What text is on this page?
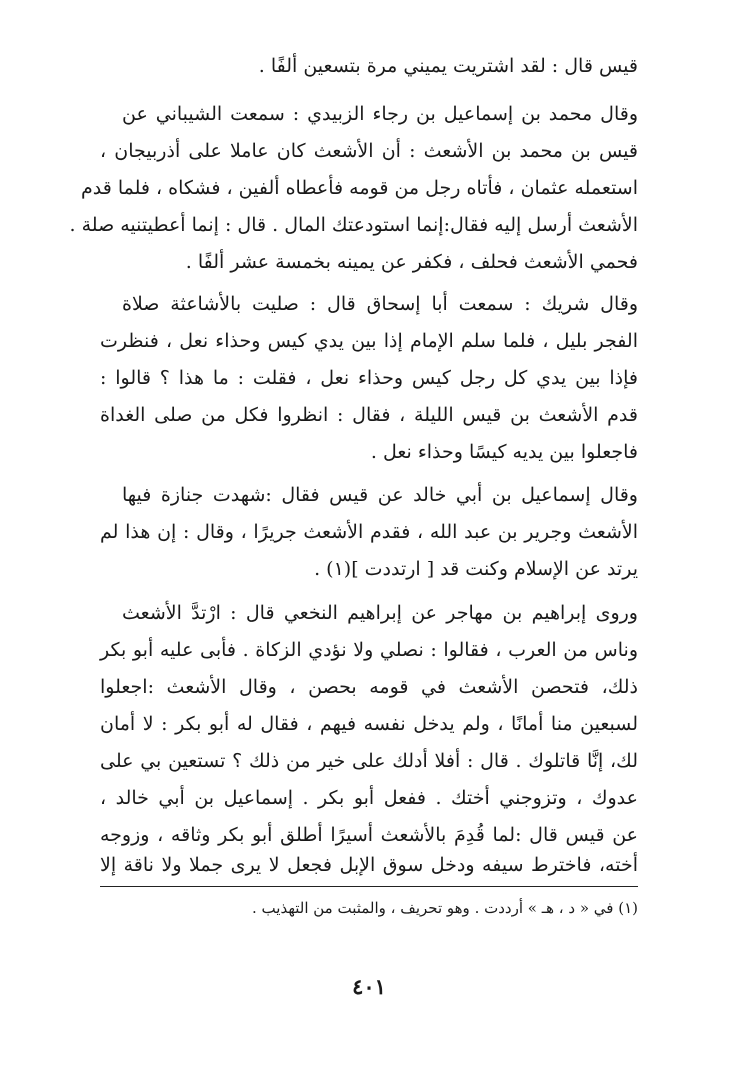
قيس قال : لقد اشتريت يميني مرة بتسعين ألفًا .
وقال محمد بن إسماعيل بن رجاء الزبيدي : سمعت الشيباني عن
قيس بن محمد بن الأشعث : أن الأشعث كان عاملا على أذربيجان ،
استعمله عثمان ، فأتاه رجل من قومه فأعطاه ألفين ، فشكاه ، فلما قدم
الأشعث أرسل إليه فقال:إنما استودعتك المال . قال : إنما أعطيتنيه صلة .
فحمي الأشعث فحلف ، فكفر عن يمينه بخمسة عشر ألفًا .
وقال شريك : سمعت أبا إسحاق قال : صليت بالأشاعثة صلاة
الفجر بليل ، فلما سلم الإمام إذا بين يدي كيس وحذاء نعل ، فنظرت
فإذا بين يدي كل رجل كيس وحذاء نعل ، فقلت : ما هذا ؟ قالوا :
قدم الأشعث بن قيس الليلة ، فقال : انظروا فكل من صلى الغداة
فاجعلوا بين يديه كيسًا وحذاء نعل .
وقال إسماعيل بن أبي خالد عن قيس فقال :شهدت جنازة فيها
الأشعث وجرير بن عبد الله ، فقدم الأشعث جريرًا ، وقال : إن هذا لم
يرتد عن الإسلام وكنت قد [ ارتددت ](١) .
وروى إبراهيم بن مهاجر عن إبراهيم النخعي قال : ارْتدَّ الأشعث
وناس من العرب ، فقالوا : نصلي ولا نؤدي الزكاة . فأبى عليه أبو بكر
ذلك، فتحصن الأشعث في قومه بحصن ، وقال الأشعث :اجعلوا
لسبعين منا أمانًا ، ولم يدخل نفسه فيهم ، فقال له أبو بكر : لا أمان
لك، إنَّا قاتلوك . قال : أفلا أدلك على خير من ذلك ؟ تستعين بي على
عدوك ، وتزوجني أختك . ففعل أبو بكر . إسماعيل بن أبي خالد ،
عن قيس قال :لما قُدِمَ بالأشعث أسيرًا أطلق أبو بكر وثاقه ، وزوجه
أخته، فاخترط سيفه ودخل سوق الإبل فجعل لا يرى جملا ولا ناقة إلا
(١) في « د ، هـ » أرددت . وهو تحريف ، والمثبت من التهذيب .
٤٠١
